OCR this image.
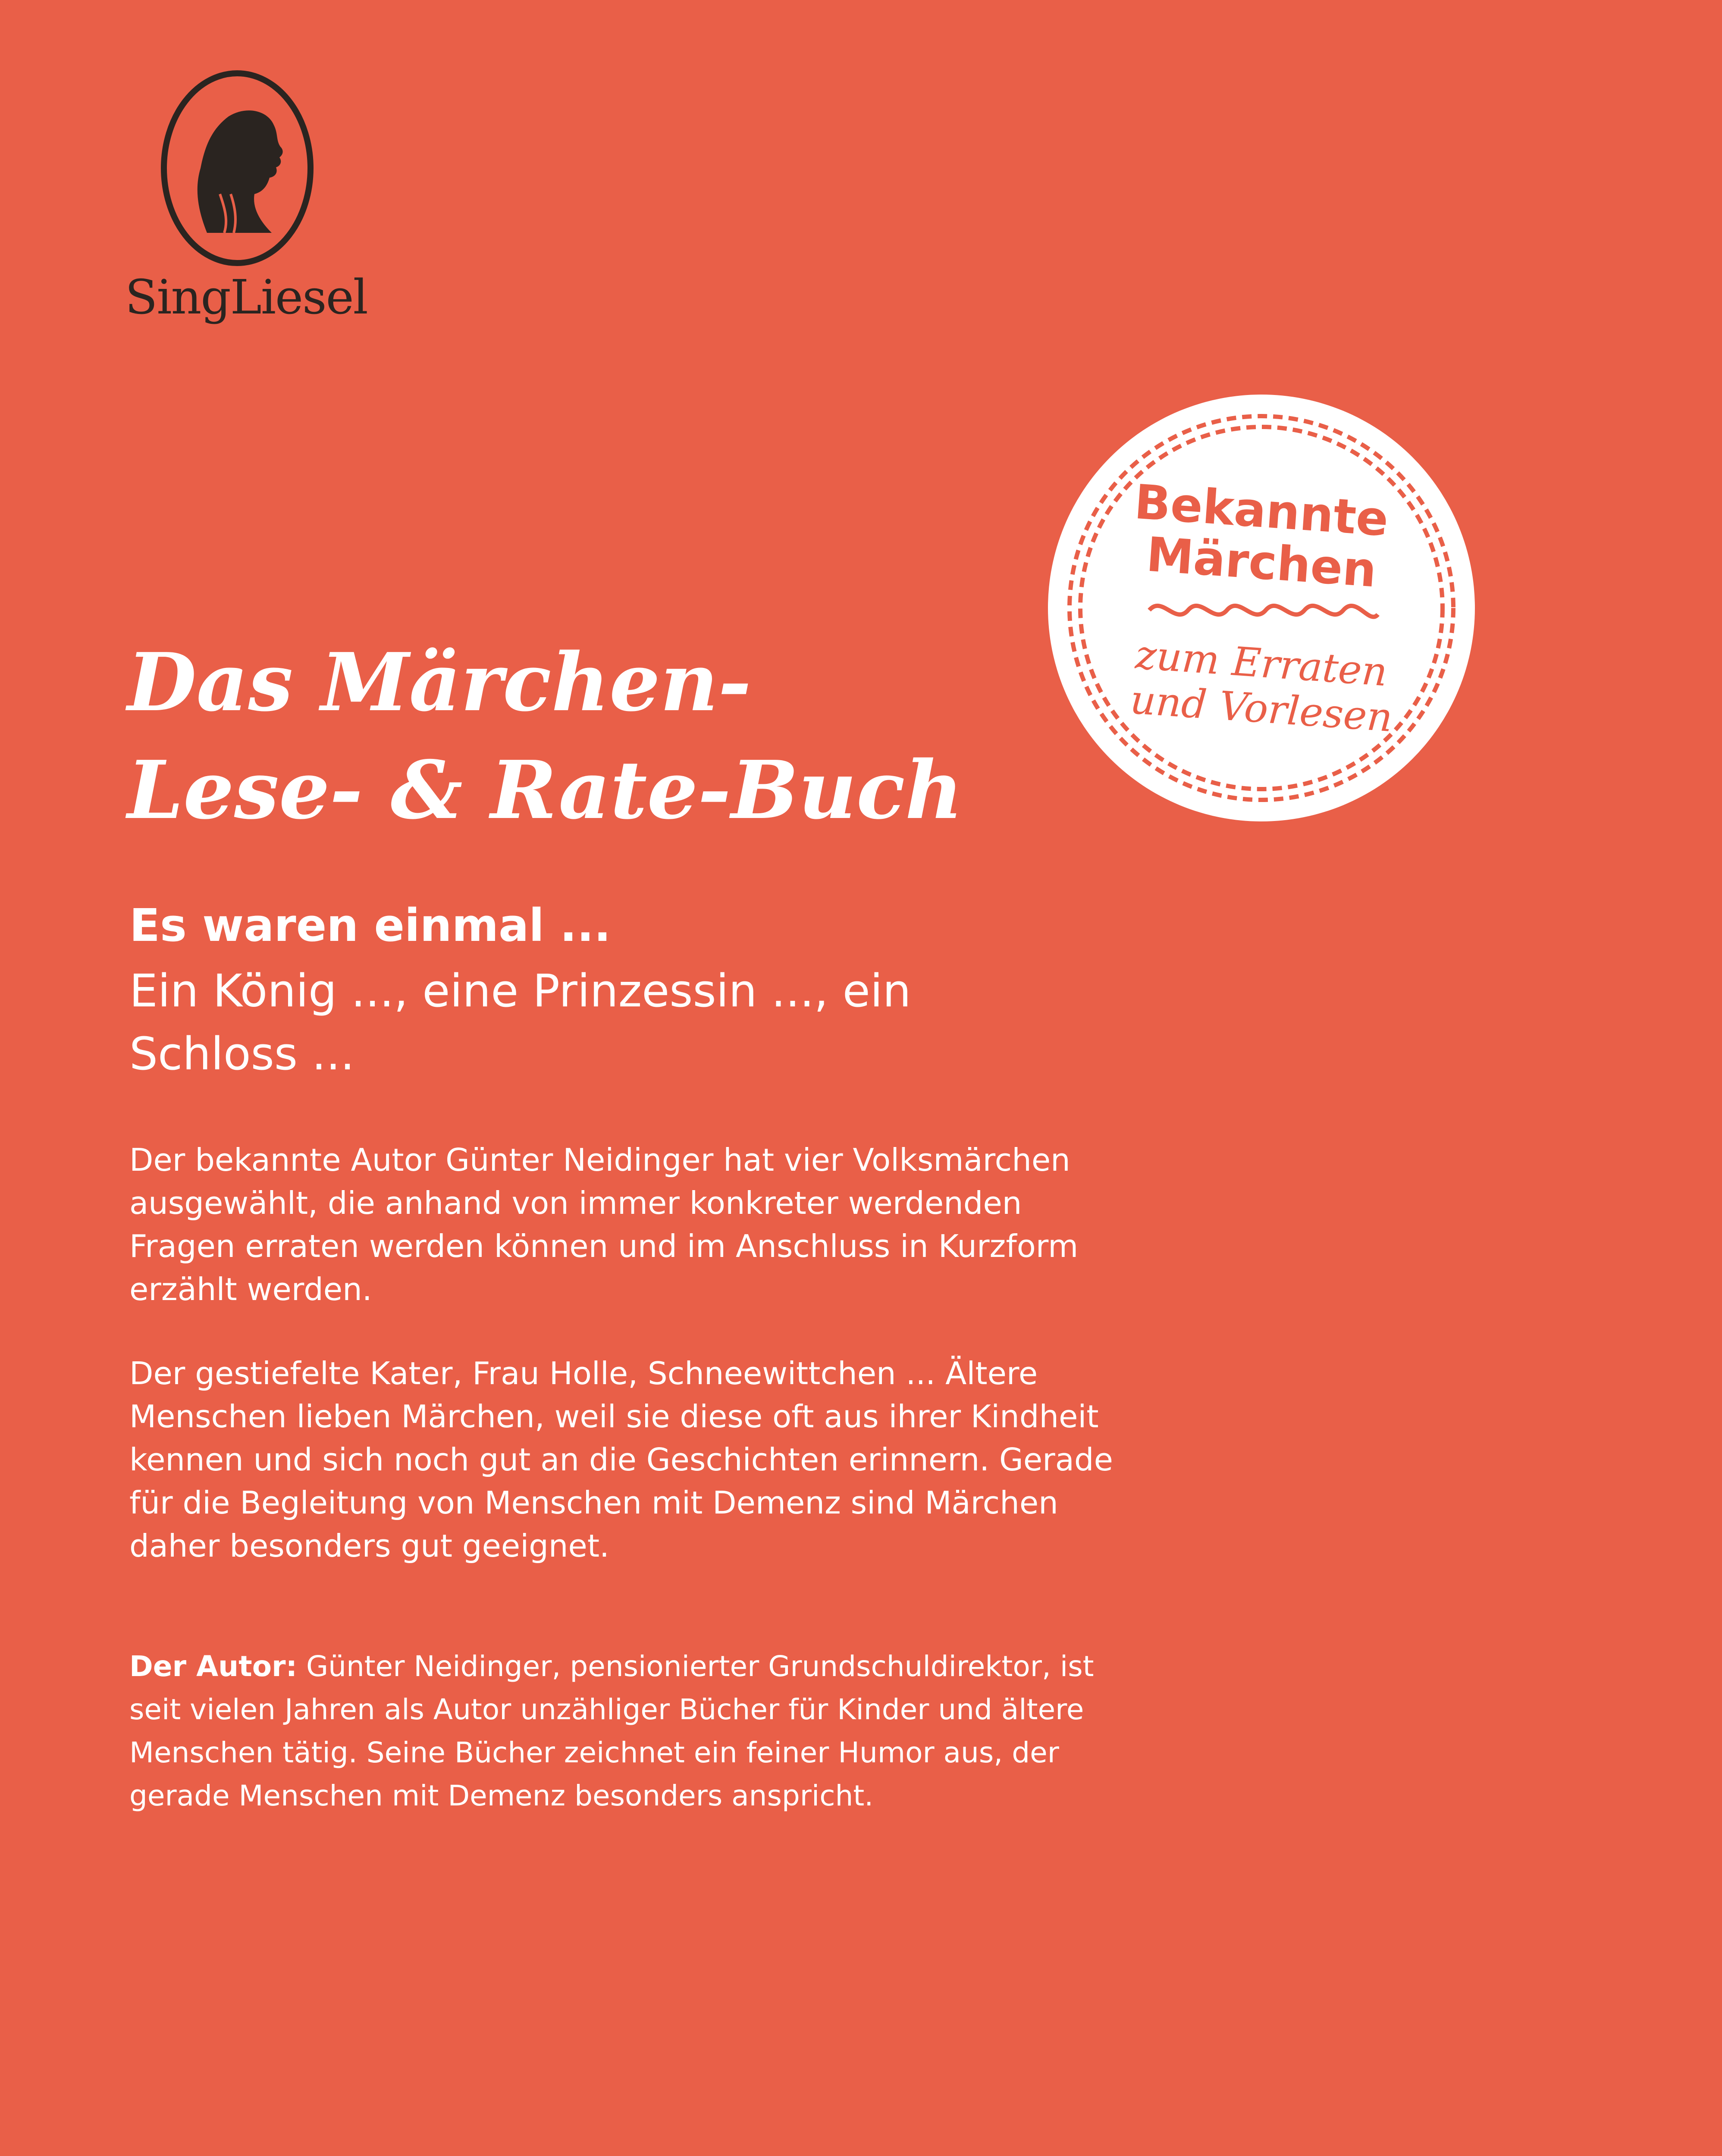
SingLiesel
Bekannte
Märchen
zum Erraten
und Vorlesen
Das Märchen-
Lese- & Rate-Buch
Es waren einmal ...
Ein König ..., eine Prinzessin ..., ein Schloss ...
Der bekannte Autor Günter Neidinger hat vier Volksmärchen ausgewählt, die anhand von immer konkreter werdenden Fragen erraten werden können und im Anschluss in Kurzform erzählt werden.
Der gestiefelte Kater, Frau Holle, Schneewittchen ... Ältere Menschen lieben Märchen, weil sie diese oft aus ihrer Kindheit kennen und sich noch gut an die Geschichten erinnern. Gerade für die Begleitung von Menschen mit Demenz sind Märchen daher besonders gut geeignet.
Der Autor: Günter Neidinger, pensionierter Grundschuldirektor, ist seit vielen Jahren als Autor unzähliger Bücher für Kinder und ältere Menschen tätig. Seine Bücher zeichnet ein feiner Humor aus, der gerade Menschen mit Demenz besonders anspricht.
